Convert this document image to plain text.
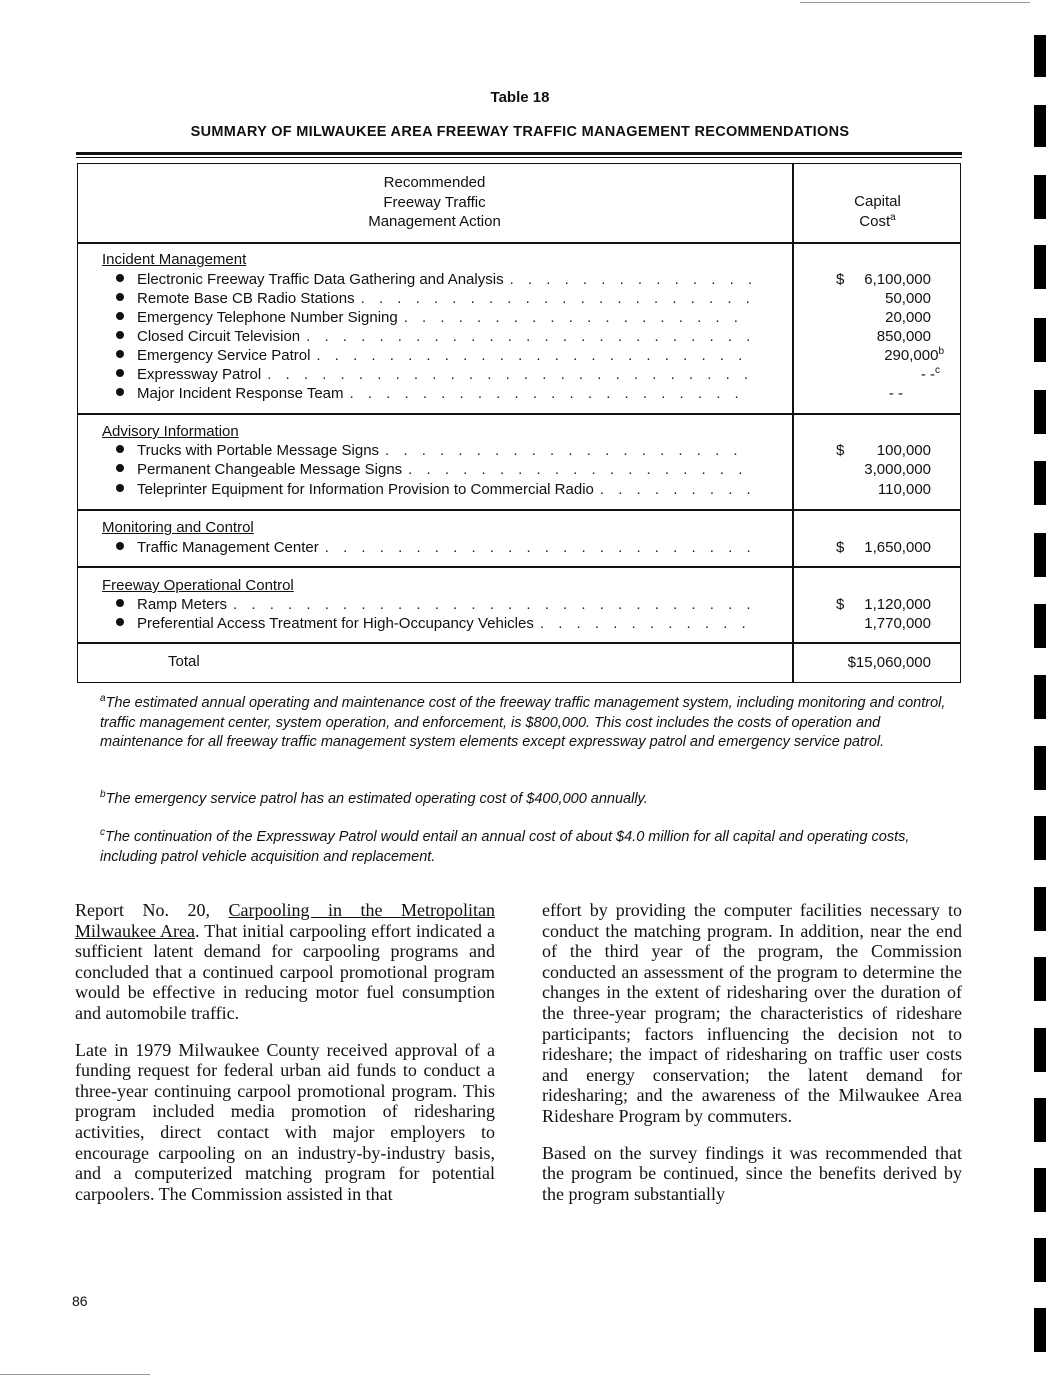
Table 18
SUMMARY OF MILWAUKEE AREA FREEWAY TRAFFIC MANAGEMENT RECOMMENDATIONS
Recommended
Freeway Traffic
Management Action
Capital
Cost$^a$
Incident Management
Electronic Freeway Traffic Data Gathering and Analysis . . .	$	6,100,000
Remote Base CB Radio Stations . . .	50,000
Emergency Telephone Number Signing . . .	20,000
Closed Circuit Television . . .	850,000
Emergency Service Patrol . . .	290,000$^b$
Expressway Patrol . . .	- -$^c$
Major Incident Response Team . . .	- -
Advisory Information
Trucks with Portable Message Signs . . .	$	100,000
Permanent Changeable Message Signs . . .	3,000,000
Teleprinter Equipment for Information Provision to Commercial Radio . . .	110,000
Monitoring and Control
Traffic Management Center . . .	$	1,650,000
Freeway Operational Control
Ramp Meters . . .	$	1,120,000
Preferential Access Treatment for High-Occupancy Vehicles . . .	1,770,000
Total	$15,060,000
$^a$The estimated annual operating and maintenance cost of the freeway traffic management system, including monitoring and control, traffic management center, system operation, and enforcement, is $800,000. This cost includes the costs of operation and maintenance for all freeway traffic management system elements except expressway patrol and emergency service patrol.
$^b$The emergency service patrol has an estimated operating cost of $400,000 annually.
$^c$The continuation of the Expressway Patrol would entail an annual cost of about $4.0 million for all capital and operating costs, including patrol vehicle acquisition and replacement.

Report No. 20, Carpooling in the Metropolitan Milwaukee Area. That initial carpooling effort indicated a sufficient latent demand for carpooling programs and concluded that a continued carpool promotional program would be effective in reducing motor fuel consumption and automobile traffic.

Late in 1979 Milwaukee County received approval of a funding request for federal urban aid funds to conduct a three-year continuing carpool promotional program. This program included media promotion of ridesharing activities, direct contact with major employers to encourage carpooling on an industry-by-industry basis, and a computerized matching program for potential carpoolers. The Commission assisted in that

effort by providing the computer facilities necessary to conduct the matching program. In addition, near the end of the third year of the program, the Commission conducted an assessment of the program to determine the changes in the extent of ridesharing over the duration of the three-year program; the characteristics of rideshare participants; factors influencing the decision not to rideshare; the impact of ridesharing on traffic user costs and energy conservation; the latent demand for ridesharing; and the awareness of the Milwaukee Area Rideshare Program by commuters.

Based on the survey findings it was recommended that the program be continued, since the benefits derived by the program substantially

86
